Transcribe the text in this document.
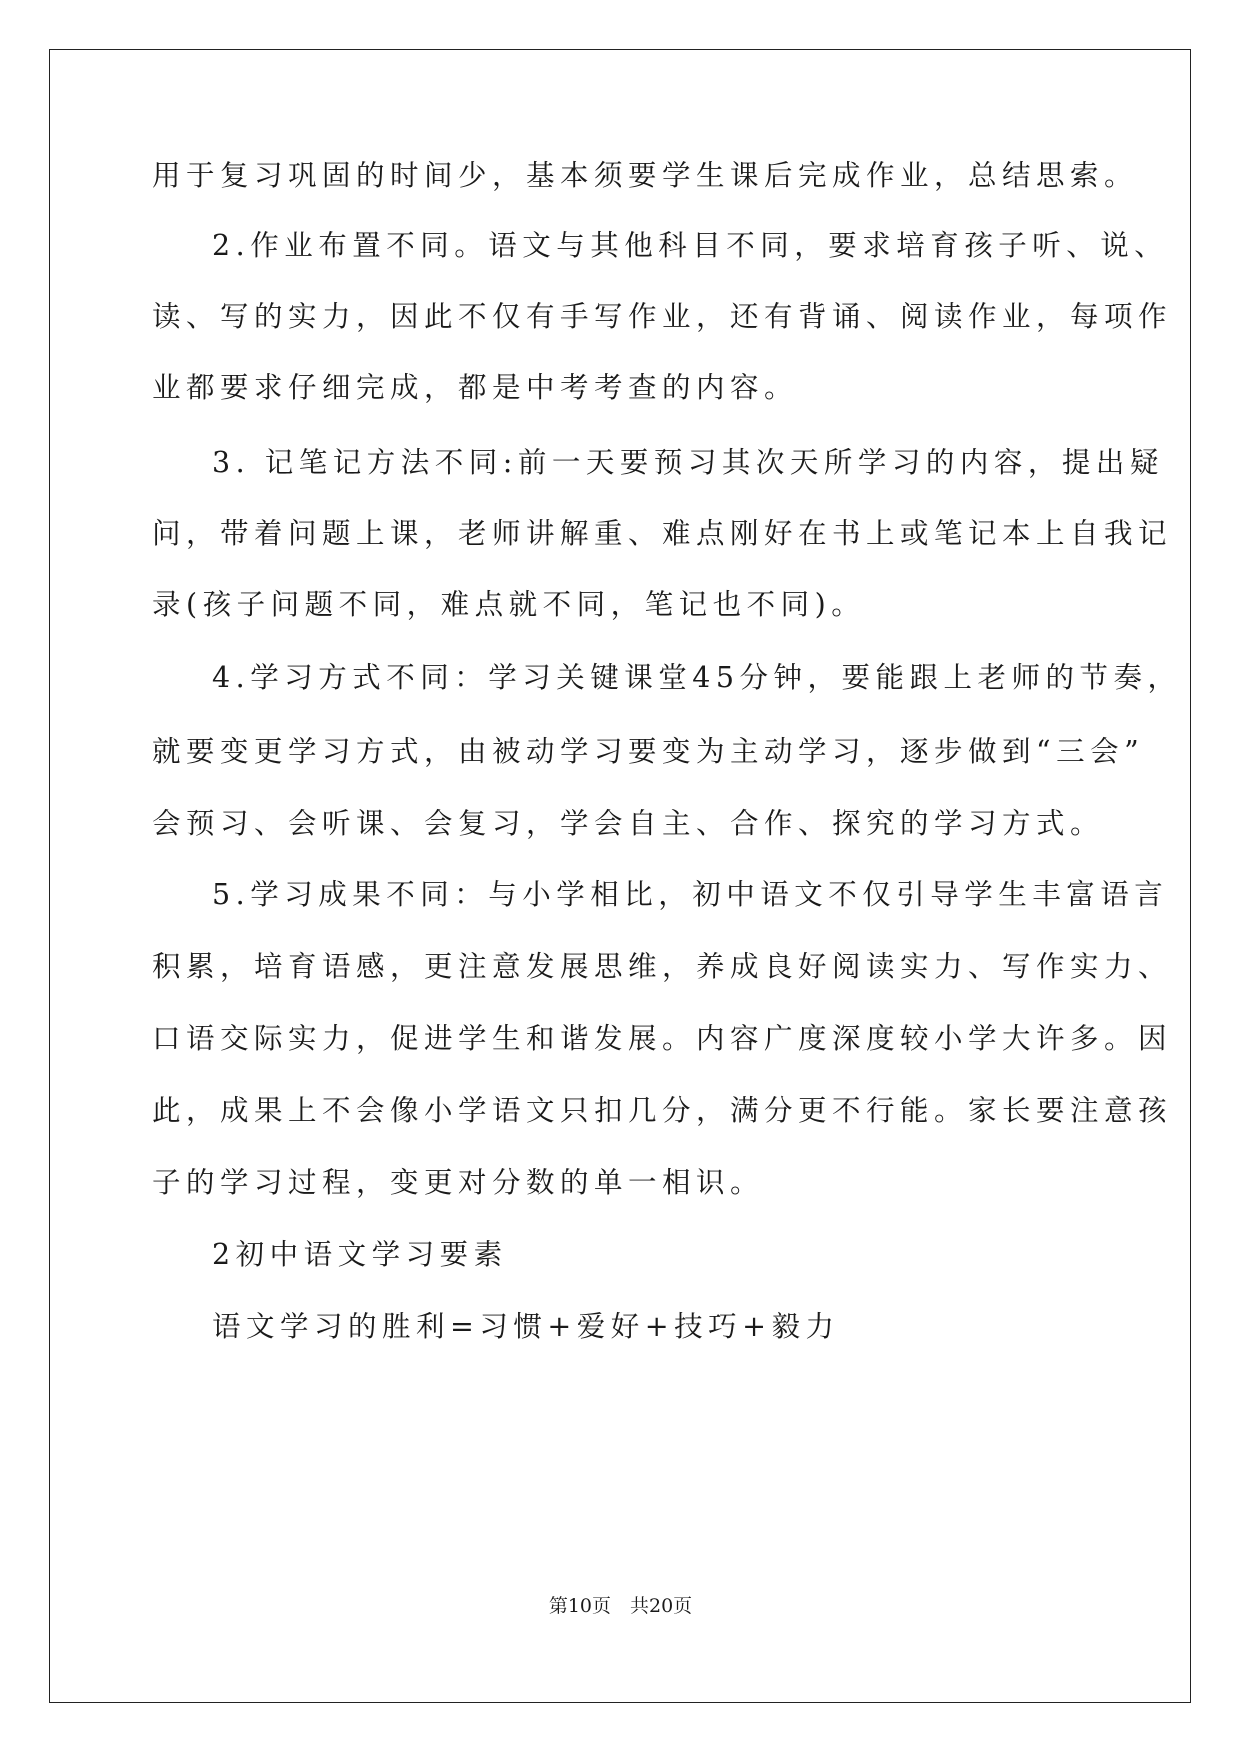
用于复习巩固的时间少，基本须要学生课后完成作业，总结思索。
2.作业布置不同。语文与其他科目不同，要求培育孩子听、说、
读、写的实力，因此不仅有手写作业，还有背诵、阅读作业，每项作
业都要求仔细完成，都是中考考查的内容。
3. 记笔记方法不同:前一天要预习其次天所学习的内容，提出疑
问，带着问题上课，老师讲解重、难点刚好在书上或笔记本上自我记
录(孩子问题不同，难点就不同，笔记也不同)。
4.学习方式不同：学习关键课堂45分钟，要能跟上老师的节奏，
就要变更学习方式，由被动学习要变为主动学习，逐步做到“三会”
会预习、会听课、会复习，学会自主、合作、探究的学习方式。
5.学习成果不同：与小学相比，初中语文不仅引导学生丰富语言
积累，培育语感，更注意发展思维，养成良好阅读实力、写作实力、
口语交际实力，促进学生和谐发展。内容广度深度较小学大许多。因
此，成果上不会像小学语文只扣几分，满分更不行能。家长要注意孩
子的学习过程，变更对分数的单一相识。
2初中语文学习要素
语文学习的胜利=习惯+爱好+技巧+毅力
第10页　共20页
